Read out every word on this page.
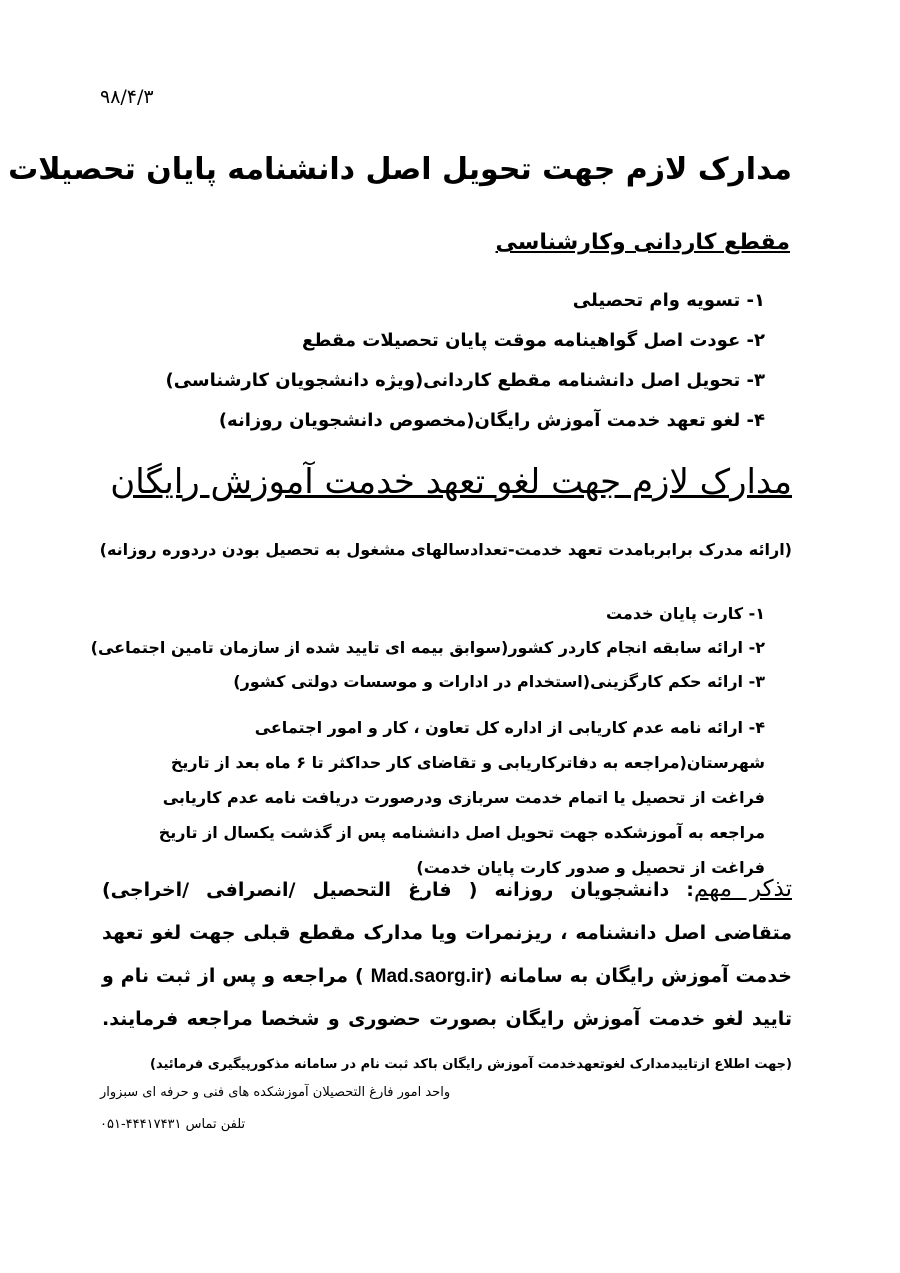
۹۸/۴/۳
مدارک لازم جهت تحویل اصل دانشنامه پایان تحصیلات
مقطع کاردانی وکارشناسی
۱- تسویه وام تحصیلی
۲- عودت اصل گواهینامه موقت پایان تحصیلات مقطع
۳- تحویل اصل دانشنامه مقطع کاردانی(ویژه دانشجویان کارشناسی)
۴- لغو تعهد خدمت آموزش رایگان(مخصوص دانشجویان روزانه)
مدارک لازم جهت لغو تعهد خدمت آموزش رایگان
(ارائه مدرک برابربامدت تعهد خدمت-تعدادسالهای مشغول به تحصیل بودن دردوره روزانه)
۱- کارت پایان خدمت
۲- ارائه سابقه انجام کاردر کشور(سوابق بیمه ای تایید شده از سازمان تامین اجتماعی)
۳- ارائه حکم کارگزینی(استخدام در ادارات و موسسات دولتی کشور)
۴- ارائه نامه عدم کاریابی از اداره کل تعاون ، کار و امور اجتماعی شهرستان(مراجعه به دفاترکاریابی و تقاضای کار حداکثر تا ۶ ماه بعد از تاریخ فراغت از تحصیل یا اتمام خدمت سربازی ودرصورت دریافت نامه عدم کاریابی مراجعه به آموزشکده جهت تحویل اصل دانشنامه پس از گذشت یکسال از تاریخ فراغت از تحصیل و صدور کارت پایان خدمت)
تذکر مهم: دانشجویان روزانه ( فارغ التحصیل /انصرافی /اخراجی) متقاضی اصل دانشنامه ، ریزنمرات ویا مدارک مقطع قبلی جهت لغو تعهد خدمت آموزش رایگان به سامانه (Mad.saorg.ir ) مراجعه و پس از ثبت نام و تایید لغو خدمت آموزش رایگان بصورت حضوری و شخصا مراجعه فرمایند.(جهت اطلاع ازتاییدمدارک لغوتعهدخدمت آموزش رایگان باکد ثبت نام در سامانه مذکورپیگیری فرمائید)
واحد امور فارغ التحصیلان آموزشکده های فنی و حرفه ای سبزوار
تلفن تماس ۴۴۴۱۷۴۳۱-۰۵۱
